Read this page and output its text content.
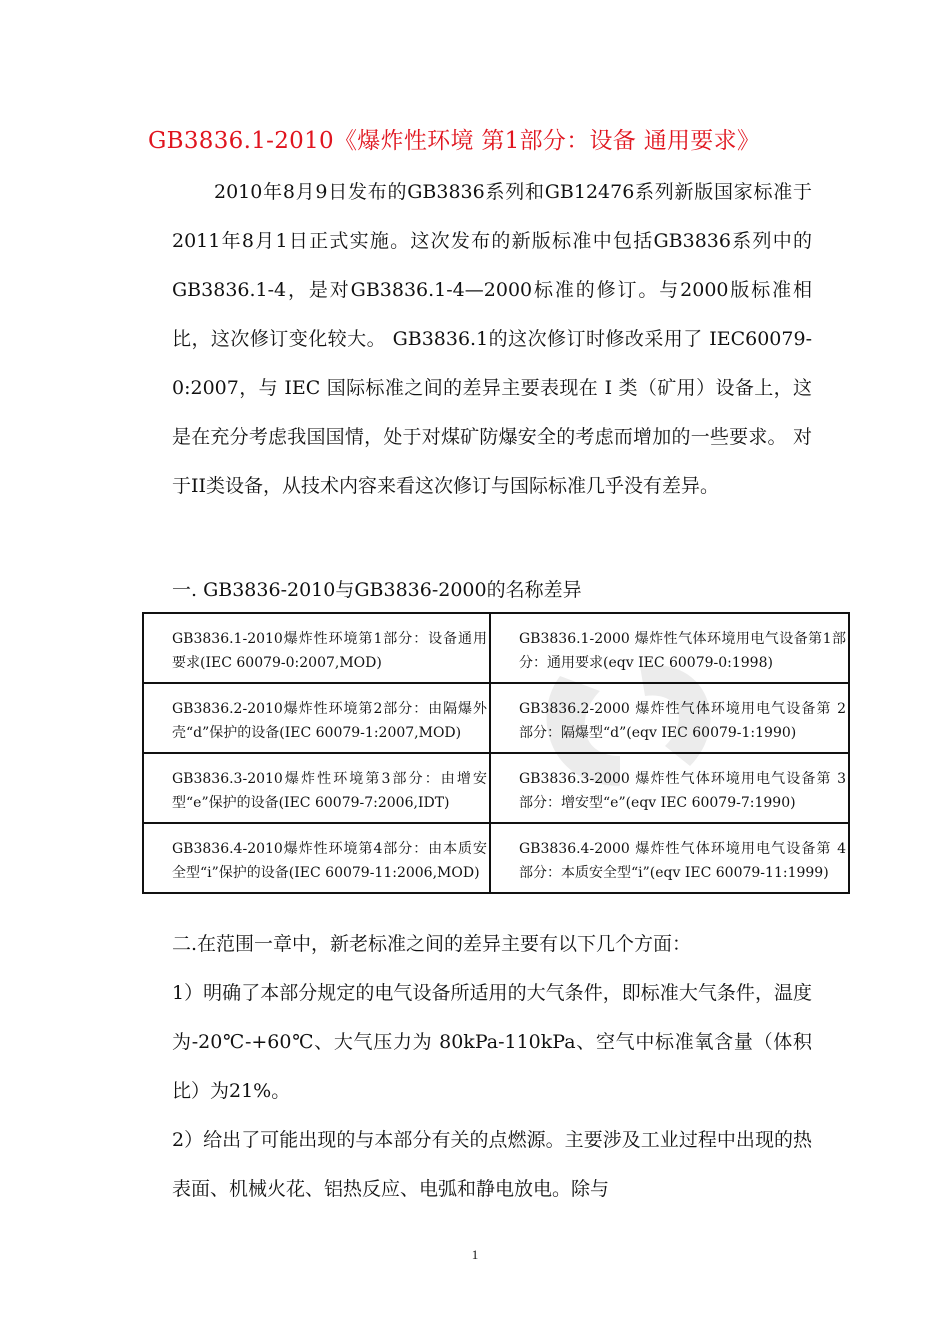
GB3836.1-2010《爆炸性环境 第1部分：设备 通用要求》

2010年8月9日发布的GB3836系列和GB12476系列新版国家标准于2011年8月1日正式实施。这次发布的新版标准中包括GB3836系列中的GB3836.1-4，是对GB3836.1-4—2000标准的修订。与2000版标准相比，这次修订变化较大。 GB3836.1的这次修订时修改采用了 IEC60079-0:2007，与 IEC 国际标准之间的差异主要表现在 I 类（矿用）设备上，这是在充分考虑我国国情，处于对煤矿防爆安全的考虑而增加的一些要求。 对于II类设备，从技术内容来看这次修订与国际标准几乎没有差异。

一. GB3836-2010与GB3836-2000的名称差异

GB3836.1-2010爆炸性环境第1部分：设备通用要求(IEC 60079-0:2007,MOD)	GB3836.1-2000 爆炸性气体环境用电气设备第1部分：通用要求(eqv IEC 60079-0:1998)
GB3836.2-2010爆炸性环境第2部分：由隔爆外壳“d”保护的设备(IEC 60079-1:2007,MOD)	GB3836.2-2000 爆炸性气体环境用电气设备第 2 部分：隔爆型“d”(eqv IEC 60079-1:1990)
GB3836.3-2010爆炸性环境第3部分：由增安型“e”保护的设备(IEC 60079-7:2006,IDT)	GB3836.3-2000 爆炸性气体环境用电气设备第 3 部分：增安型“e”(eqv IEC 60079-7:1990)
GB3836.4-2010爆炸性环境第4部分：由本质安全型“i”保护的设备(IEC 60079-11:2006,MOD)	GB3836.4-2000 爆炸性气体环境用电气设备第 4 部分：本质安全型“i”(eqv IEC 60079-11:1999)
二.在范围一章中，新老标准之间的差异主要有以下几个方面：
1）明确了本部分规定的电气设备所适用的大气条件，即标准大气条件，温度为-20℃-+60℃、大气压力为 80kPa-110kPa、空气中标准氧含量（体积比）为21%。
2）给出了可能出现的与本部分有关的点燃源。主要涉及工业过程中出现的热表面、机械火花、铝热反应、电弧和静电放电。除与
1
